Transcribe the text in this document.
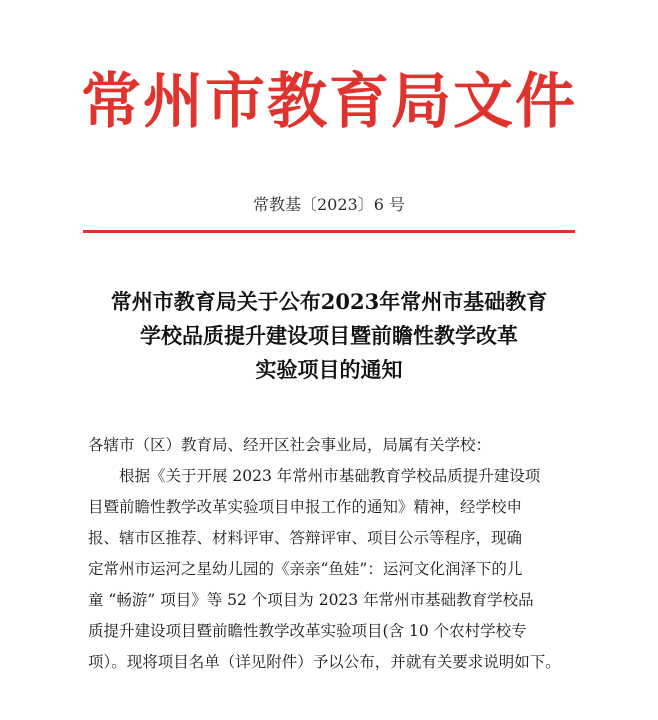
常州市教育局文件
常教基〔2023〕6 号
常州市教育局关于公布2023年常州市基础教育
学校品质提升建设项目暨前瞻性教学改革
实验项目的通知
各辖市（区）教育局、经开区社会事业局，局属有关学校：
根据《关于开展 2023 年常州市基础教育学校品质提升建设项
目暨前瞻性教学改革实验项目申报工作的通知》精神，经学校申
报、辖市区推荐、材料评审、答辩评审、项目公示等程序，现确
定常州市运河之星幼儿园的《亲亲“鱼娃”：运河文化润泽下的儿
童 “畅游” 项目》等 52 个项目为 2023 年常州市基础教育学校品
质提升建设项目暨前瞻性教学改革实验项目(含 10 个农村学校专
项）。现将项目名单（详见附件）予以公布，并就有关要求说明如下。
